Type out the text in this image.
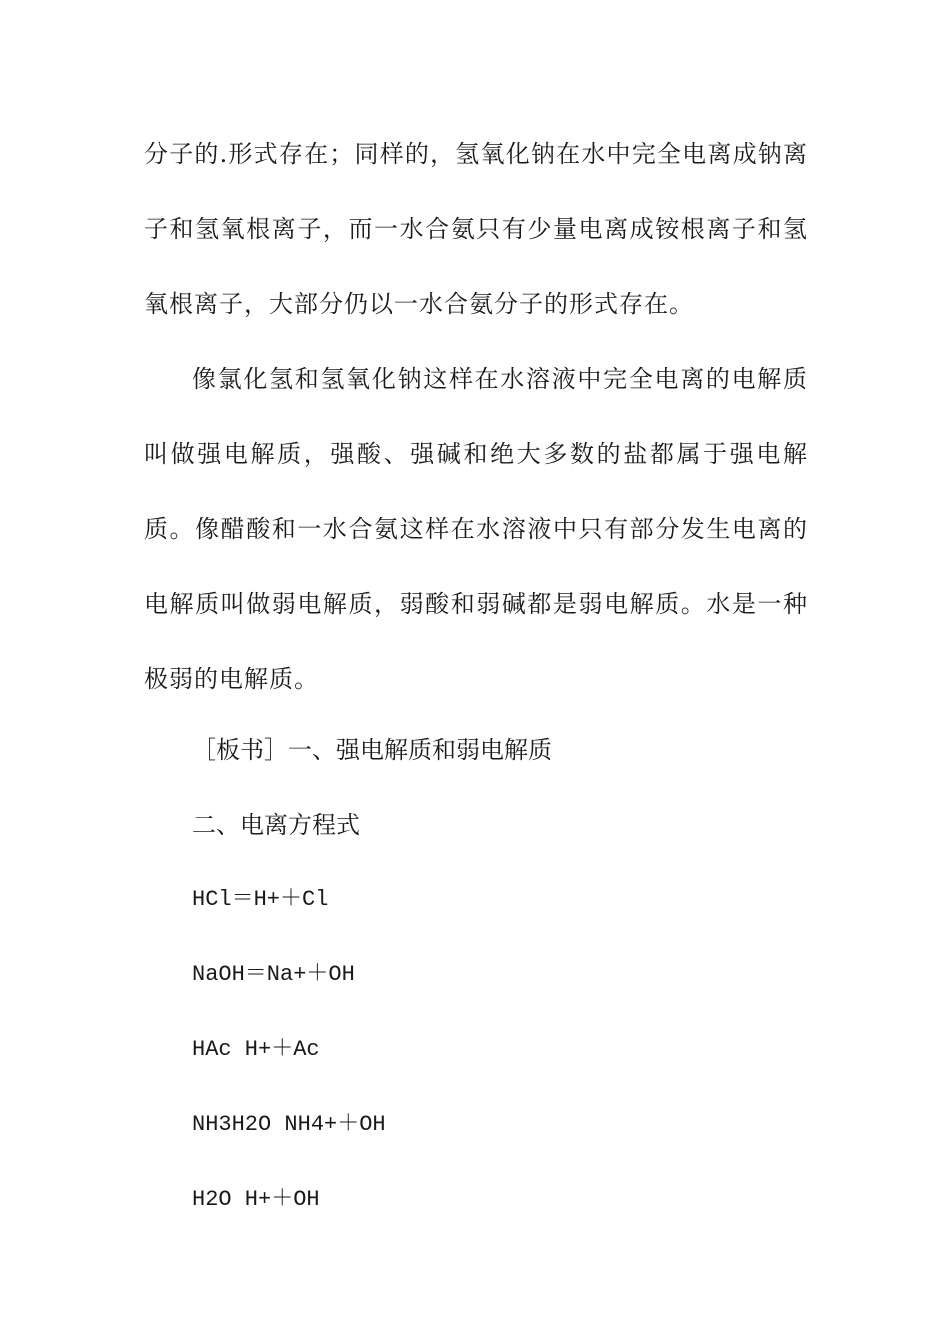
分子的.形式存在；同样的，氢氧化钠在水中完全电离成钠离子和氢氧根离子，而一水合氨只有少量电离成铵根离子和氢氧根离子，大部分仍以一水合氨分子的形式存在。

像氯化氢和氢氧化钠这样在水溶液中完全电离的电解质叫做强电解质，强酸、强碱和绝大多数的盐都属于强电解质。像醋酸和一水合氨这样在水溶液中只有部分发生电离的电解质叫做弱电解质，弱酸和弱碱都是弱电解质。水是一种极弱的电解质。

［板书］一、强电解质和弱电解质

二、电离方程式

HCl＝H+＋Cl

NaOH＝Na+＋OH

HAc H+＋Ac

NH3H2O NH4+＋OH

H2O H+＋OH
